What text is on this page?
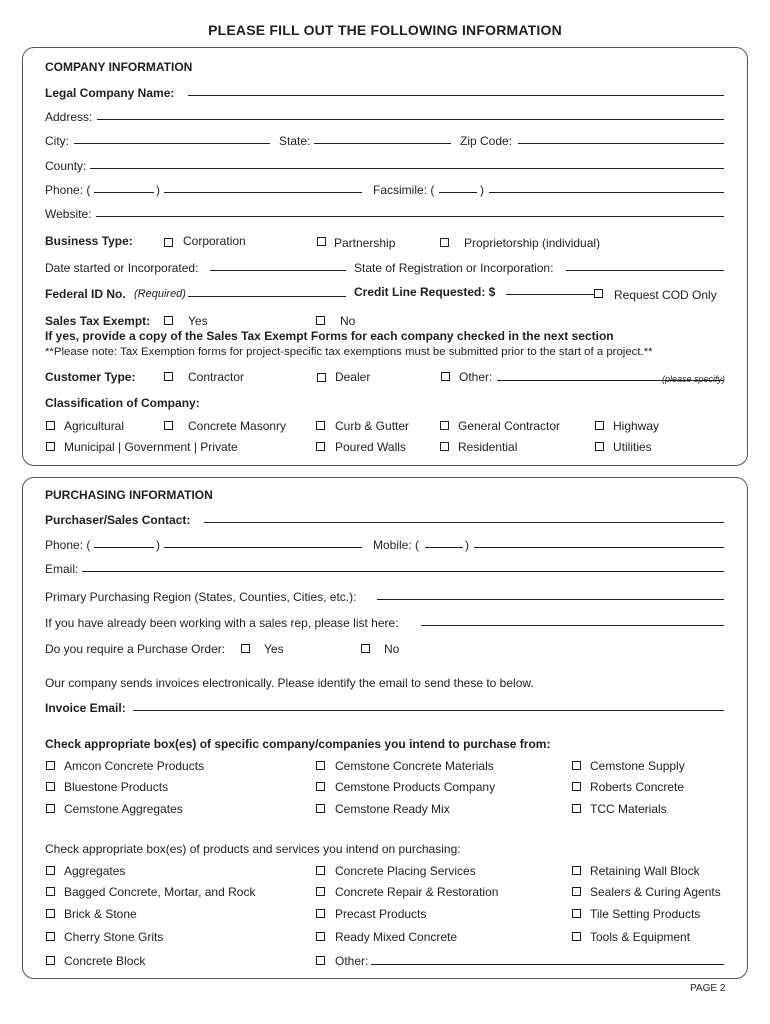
PLEASE FILL OUT THE FOLLOWING INFORMATION
COMPANY INFORMATION
Legal Company Name:
Address:
City:	State:	Zip Code:
County:
Phone: (	)	Facsimile: (	)
Website:
Business Type:	Corporation	Partnership	Proprietorship (individual)
Date started or Incorporated:	State of Registration or Incorporation:
Federal ID No. (Required)	Credit Line Requested: $	Request COD Only
Sales Tax Exempt:	Yes	No
If yes, provide a copy of the Sales Tax Exempt Forms for each company checked in the next section
**Please note: Tax Exemption forms for project-specific tax exemptions must be submitted prior to the start of a project.**
Customer Type:	Contractor	Dealer	Other:	(please specify)
Classification of Company:
Agricultural	Concrete Masonry	Curb & Gutter	General Contractor	Highway
Municipal | Government | Private	Poured Walls	Residential	Utilities
PURCHASING INFORMATION
Purchaser/Sales Contact:
Phone: (	)	Mobile: (	)
Email:
Primary Purchasing Region (States, Counties, Cities, etc.):
If you have already been working with a sales rep, please list here:
Do you require a Purchase Order:	Yes	No
Our company sends invoices electronically. Please identify the email to send these to below.
Invoice Email:
Check appropriate box(es) of specific company/companies you intend to purchase from:
Amcon Concrete Products	Cemstone Concrete Materials	Cemstone Supply
Bluestone Products	Cemstone Products Company	Roberts Concrete
Cemstone Aggregates	Cemstone Ready Mix	TCC Materials
Check appropriate box(es) of products and services you intend on purchasing:
Aggregates	Concrete Placing Services	Retaining Wall Block
Bagged Concrete, Mortar, and Rock	Concrete Repair & Restoration	Sealers & Curing Agents
Brick & Stone	Precast Products	Tile Setting Products
Cherry Stone Grits	Ready Mixed Concrete	Tools & Equipment
Concrete Block	Other:
PAGE 2
